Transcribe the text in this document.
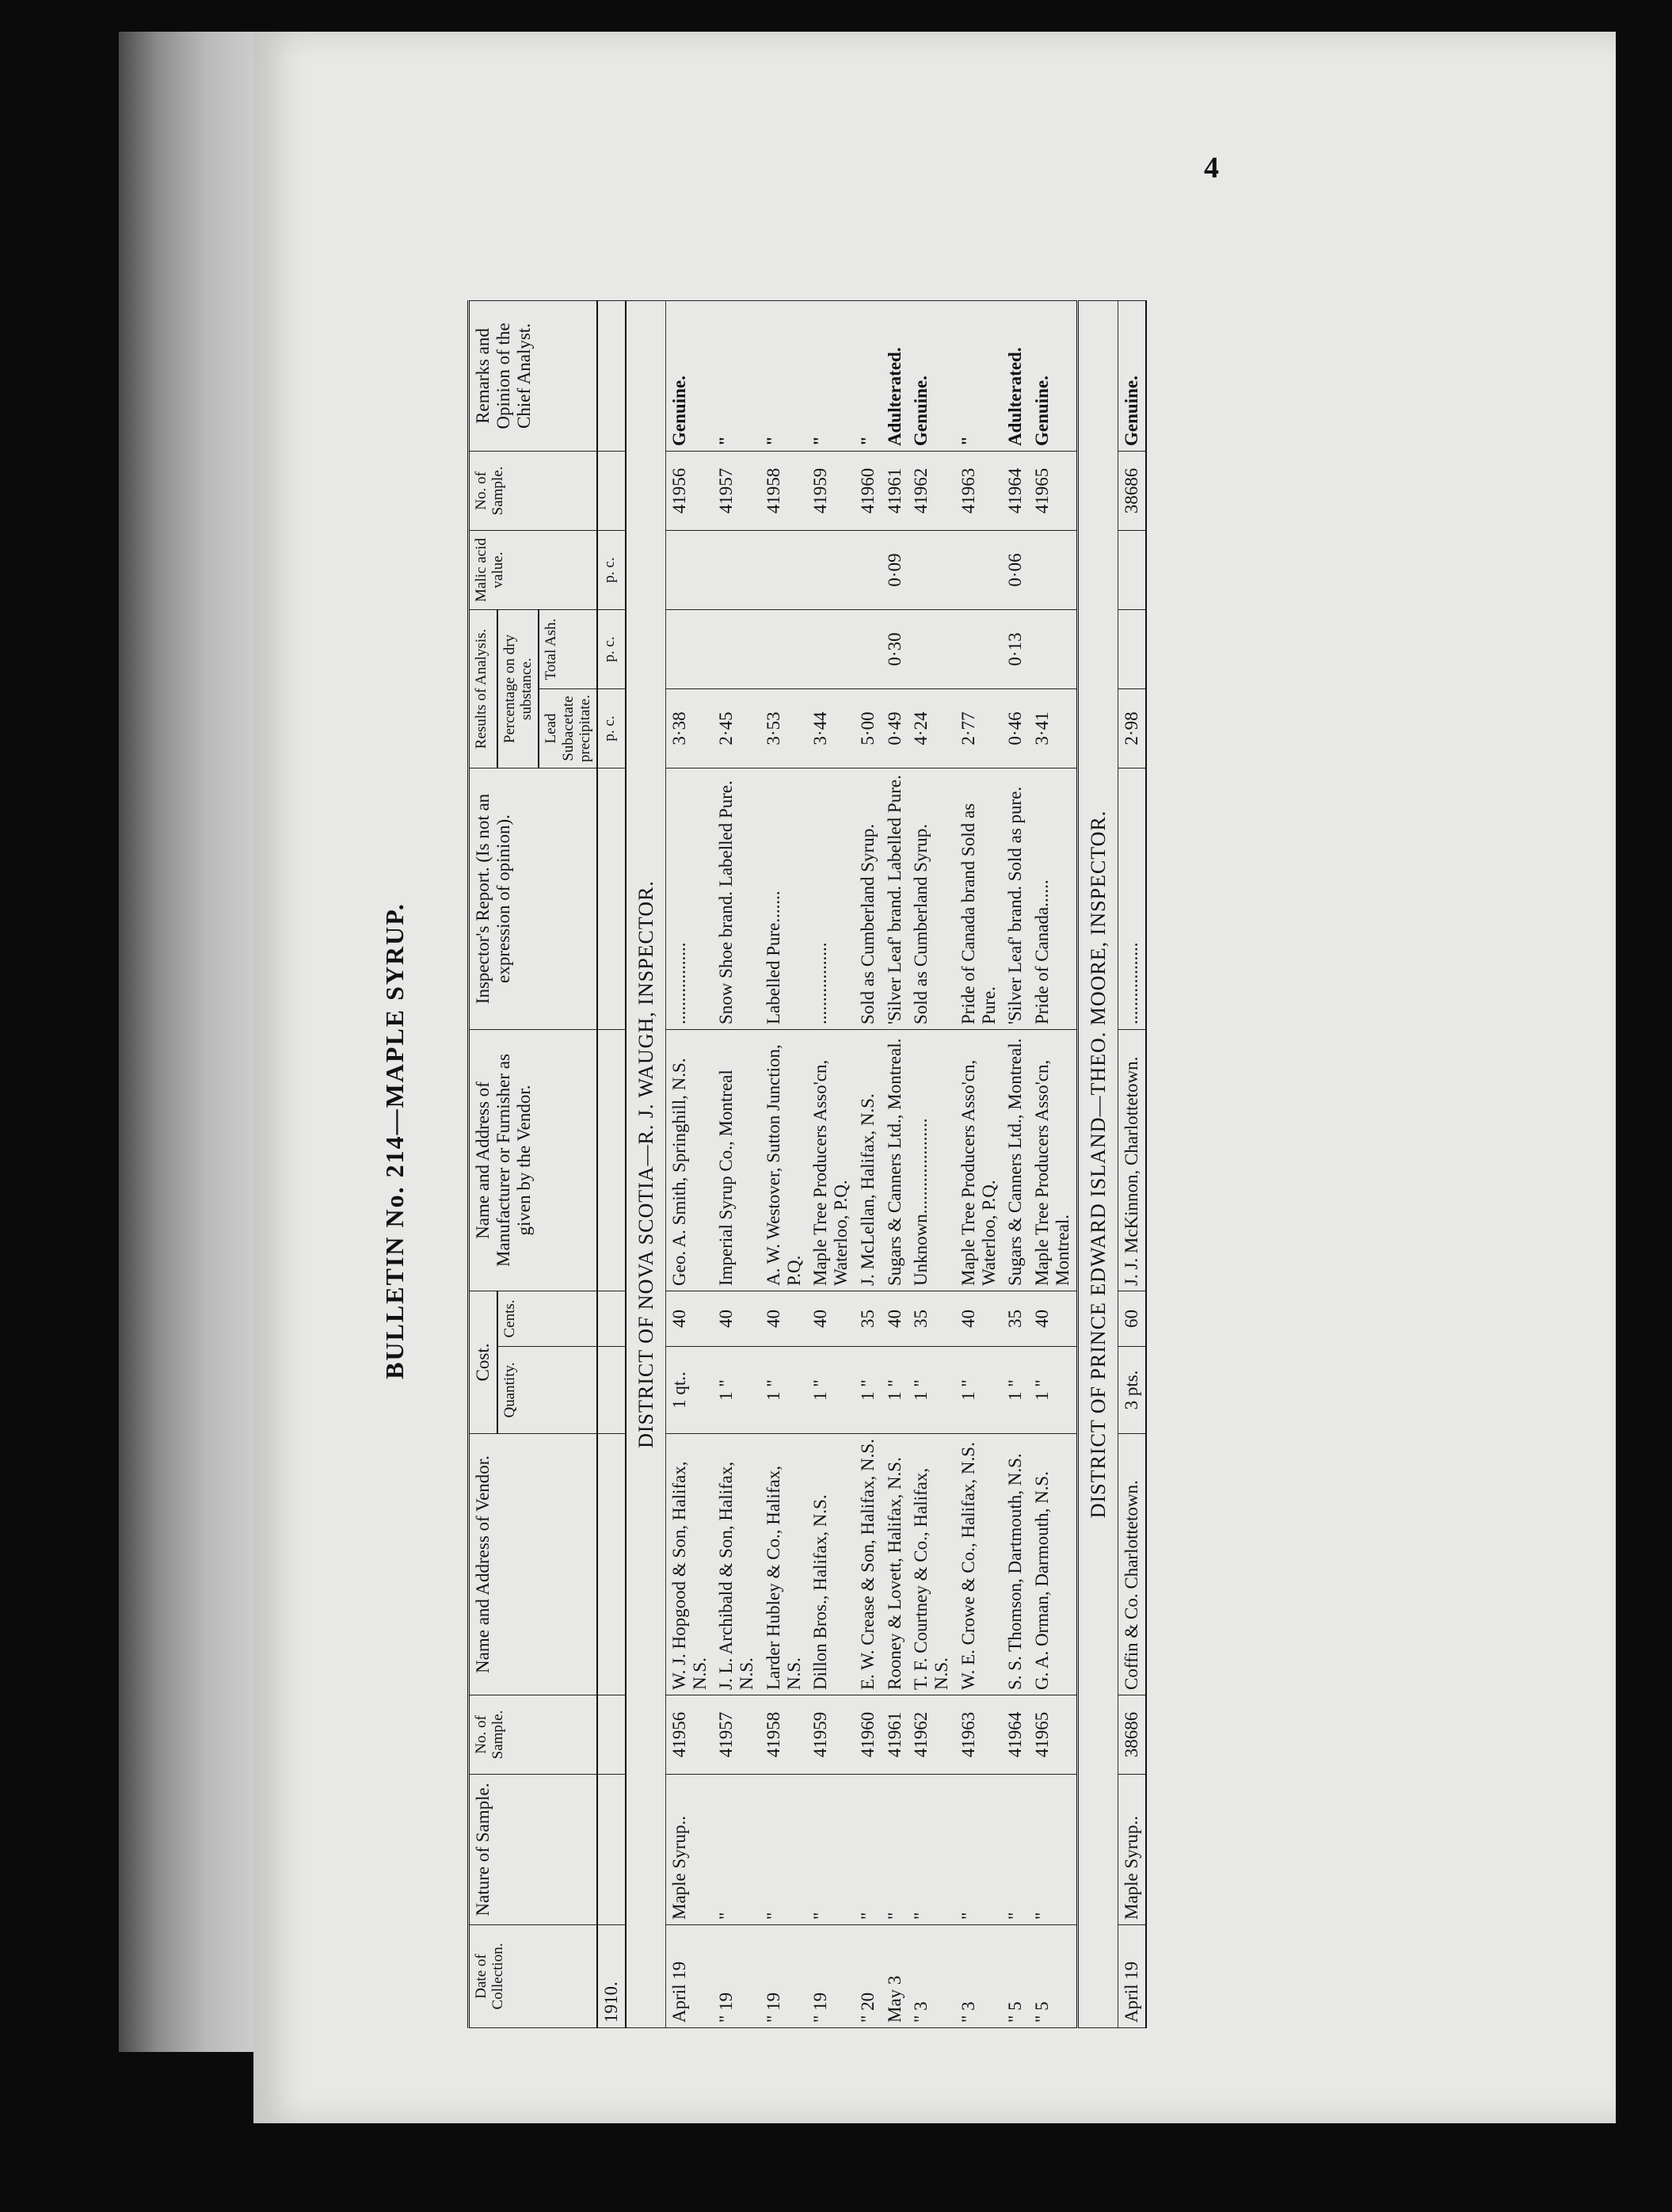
4
BULLETIN No. 214—MAPLE SYRUP.
Date of Collection.	Nature of Sample.	No. of Sample.	Name and Address of Vendor.	Cost.		Name and Address of Manufacturer or Furnisher as given by the Vendor.	Inspector's Report. (Is not an expression of opinion).	Results of Analysis.		Malic acid value.	No. of Sample.	Remarks and Opinion of the Chief Analyst.
				Quantity.	Cents.			Percentage on dry substance.				
								Lead Subacetate precipitate.	Total Ash.			
1910.								p. c.	p. c.	p. c.		
DISTRICT OF NOVA SCOTIA—R. J. WAUGH, INSPECTOR.												
April 19	Maple Syrup..	41956	W. J. Hopgood & Son, Halifax, N.S.	1 qt..	40	Geo. A. Smith, Springhill, N.S.	..................	3·38			41956	Genuine.
" 19	"	41957	J. L. Archibald & Son, Halifax, N.S.	1 "	40	Imperial Syrup Co., Montreal	Snow Shoe brand. Labelled Pure.	2·45			41957	"
" 19	"	41958	Larder Hubley & Co., Halifax, N.S.	1 "	40	A. W. Westover, Sutton Junction, P.Q.	Labelled Pure.......	3·53			41958	"
" 19	"	41959	Dillon Bros., Halifax, N.S.	1 "	40	Maple Tree Producers Asso'cn, Waterloo, P.Q.	..................	3·44			41959	"
" 20	"	41960	E. W. Crease & Son, Halifax, N.S.	1 "	35	J. McLellan, Halifax, N.S.	Sold as Cumberland Syrup.	5·00			41960	"
May 3	"	41961	Rooney & Lovett, Halifax, N.S.	1 "	40	Sugars & Canners Ltd., Montreal.	'Silver Leaf' brand. Labelled Pure.	0·49	0·30	0·09	41961	Adulterated.
" 3	"	41962	T. F. Courtney & Co., Halifax, N.S.	1 "	35	Unknown.....................	Sold as Cumberland Syrup.	4·24			41962	Genuine.
" 3	"	41963	W. E. Crowe & Co., Halifax, N.S.	1 "	40	Maple Tree Producers Asso'cn, Waterloo, P.Q.	Pride of Canada brand Sold as Pure.	2·77			41963	"
" 5	"	41964	S. S. Thomson, Dartmouth, N.S.	1 "	35	Sugars & Canners Ltd., Montreal.	'Silver Leaf' brand. Sold as pure.	0·46	0·13	0·06	41964	Adulterated.
" 5	"	41965	G. A. Orman, Darmouth, N.S.	1 "	40	Maple Tree Producers Asso'cn, Montreal.	Pride of Canada......	3·41			41965	Genuine.
DISTRICT OF PRINCE EDWARD ISLAND—THEO. MOORE, INSPECTOR.												
April 19	Maple Syrup..	38686	Coffin & Co. Charlottetown.	3 pts.	60	J. J. McKinnon, Charlottetown.	..................	2·98			38686	Genuine.
